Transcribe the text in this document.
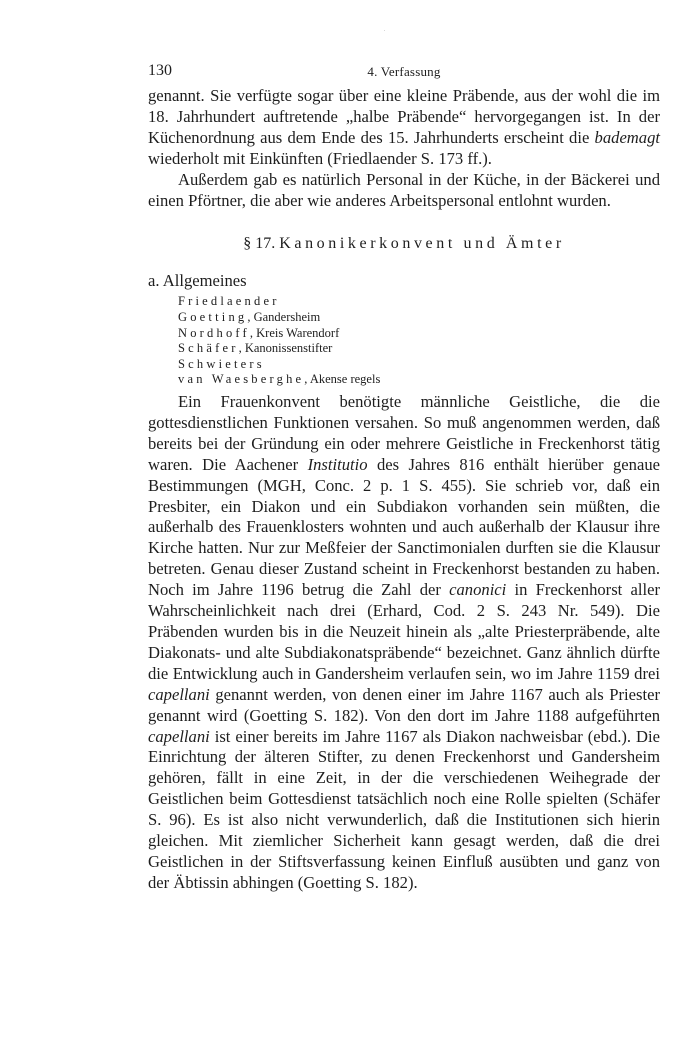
130	4. Verfassung

genannt. Sie verfügte sogar über eine kleine Präbende, aus der wohl die im 18. Jahrhundert auftretende „halbe Präbende“ hervorgegangen ist. In der Küchenordnung aus dem Ende des 15. Jahrhunderts erscheint die bademagt wiederholt mit Einkünften (Friedlaender S. 173 ff.).

Außerdem gab es natürlich Personal in der Küche, in der Bäckerei und einen Pförtner, die aber wie anderes Arbeitspersonal entlohnt wurden.

§ 17. Kanonikerkonvent und Ämter
a. Allgemeines
Friedlaender
Goetting, Gandersheim
Nordhoff, Kreis Warendorf
Schäfer, Kanonissenstifter
Schwieters
van Waesberghe, Akense regels

Ein Frauenkonvent benötigte männliche Geistliche, die die gottesdienstlichen Funktionen versahen. So muß angenommen werden, daß bereits bei der Gründung ein oder mehrere Geistliche in Freckenhorst tätig waren. Die Aachener Institutio des Jahres 816 enthält hierüber genaue Bestimmungen (MGH, Conc. 2 p. 1 S. 455). Sie schrieb vor, daß ein Presbiter, ein Diakon und ein Subdiakon vorhanden sein müßten, die außerhalb des Frauenklosters wohnten und auch außerhalb der Klausur ihre Kirche hatten. Nur zur Meßfeier der Sanctimonialen durften sie die Klausur betreten. Genau dieser Zustand scheint in Freckenhorst bestanden zu haben. Noch im Jahre 1196 betrug die Zahl der canonici in Freckenhorst aller Wahrscheinlichkeit nach drei (Erhard, Cod. 2 S. 243 Nr. 549). Die Präbenden wurden bis in die Neuzeit hinein als „alte Priesterpräbende, alte Diakonats- und alte Subdiakonatspräbende“ bezeichnet. Ganz ähnlich dürfte die Entwicklung auch in Gandersheim verlaufen sein, wo im Jahre 1159 drei capellani genannt werden, von denen einer im Jahre 1167 auch als Priester genannt wird (Goetting S. 182). Von den dort im Jahre 1188 aufgeführten capellani ist einer bereits im Jahre 1167 als Diakon nachweisbar (ebd.). Die Einrichtung der älteren Stifter, zu denen Freckenhorst und Gandersheim gehören, fällt in eine Zeit, in der die verschiedenen Weihegrade der Geistlichen beim Gottesdienst tatsächlich noch eine Rolle spielten (Schäfer S. 96). Es ist also nicht verwunderlich, daß die Institutionen sich hierin gleichen. Mit ziemlicher Sicherheit kann gesagt werden, daß die drei Geistlichen in der Stiftsverfassung keinen Einfluß ausübten und ganz von der Äbtissin abhingen (Goetting S. 182).
